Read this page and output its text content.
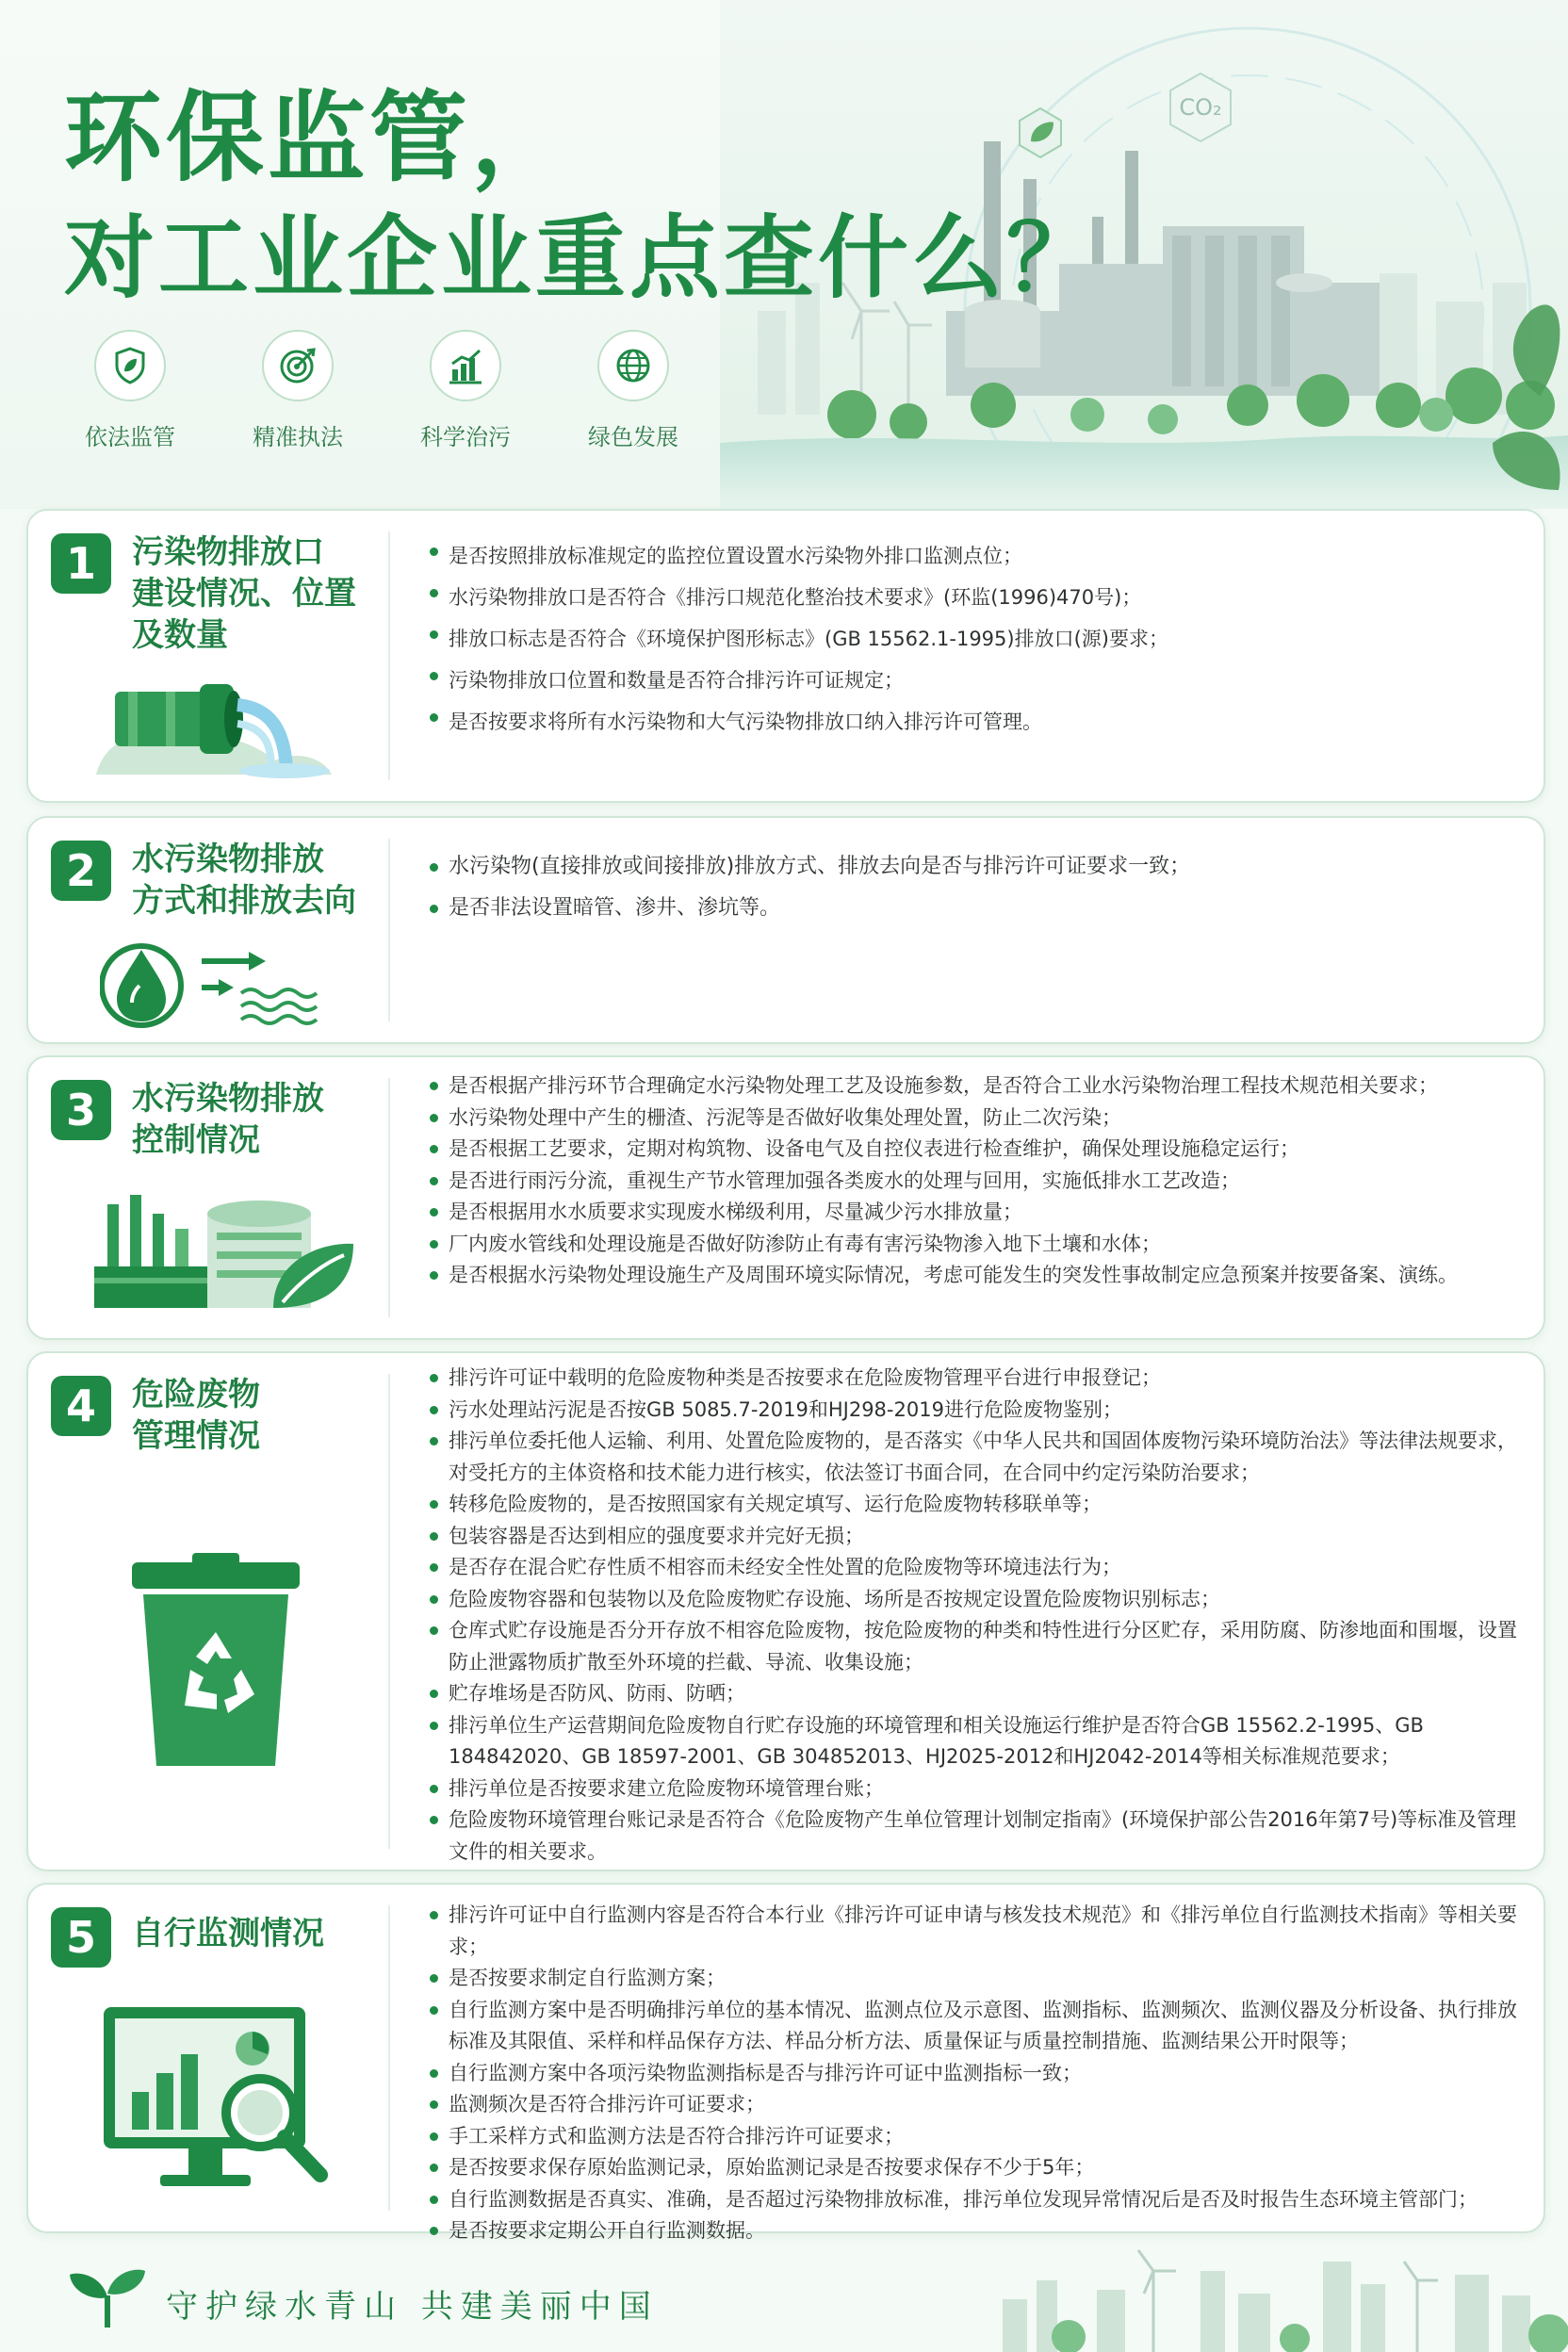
CO₂
环保监管，
对工业企业重点查什么？
依法监管	精准执法	科学治污	绿色发展
1	污染物排放口
建设情况、位置
及数量
是否按照排放标准规定的监控位置设置水污染物外排口监测点位；
水污染物排放口是否符合《排污口规范化整治技术要求》(环监(1996)470号)；
排放口标志是否符合《环境保护图形标志》(GB 15562.1-1995)排放口(源)要求；
污染物排放口位置和数量是否符合排污许可证规定；
是否按要求将所有水污染物和大气污染物排放口纳入排污许可管理。
2	水污染物排放
方式和排放去向
水污染物(直接排放或间接排放)排放方式、排放去向是否与排污许可证要求一致；
是否非法设置暗管、渗井、渗坑等。
3	水污染物排放
控制情况
是否根据产排污环节合理确定水污染物处理工艺及设施参数，是否符合工业水污染物治理工程技术规范相关要求；
水污染物处理中产生的栅渣、污泥等是否做好收集处理处置，防止二次污染；
是否根据工艺要求，定期对构筑物、设备电气及自控仪表进行检查维护，确保处理设施稳定运行；
是否进行雨污分流，重视生产节水管理加强各类废水的处理与回用，实施低排水工艺改造；
是否根据用水水质要求实现废水梯级利用，尽量减少污水排放量；
厂内废水管线和处理设施是否做好防渗防止有毒有害污染物渗入地下土壤和水体；
是否根据水污染物处理设施生产及周围环境实际情况，考虑可能发生的突发性事故制定应急预案并按要备案、演练。
4	危险废物
管理情况
排污许可证中载明的危险废物种类是否按要求在危险废物管理平台进行申报登记；
污水处理站污泥是否按GB 5085.7-2019和HJ298-2019进行危险废物鉴别；
排污单位委托他人运输、利用、处置危险废物的，是否落实《中华人民共和国固体废物污染环境防治法》等法律法规要求，对受托方的主体资格和技术能力进行核实，依法签订书面合同，在合同中约定污染防治要求；
转移危险废物的，是否按照国家有关规定填写、运行危险废物转移联单等；
包装容器是否达到相应的强度要求并完好无损；
是否存在混合贮存性质不相容而未经安全性处置的危险废物等环境违法行为；
危险废物容器和包装物以及危险废物贮存设施、场所是否按规定设置危险废物识别标志；
仓库式贮存设施是否分开存放不相容危险废物，按危险废物的种类和特性进行分区贮存，采用防腐、防渗地面和围堰，设置防止泄露物质扩散至外环境的拦截、导流、收集设施；
贮存堆场是否防风、防雨、防晒；
排污单位生产运营期间危险废物自行贮存设施的环境管理和相关设施运行维护是否符合GB 15562.2-1995、GB 184842020、GB 18597-2001、GB 304852013、HJ2025-2012和HJ2042-2014等相关标准规范要求；
排污单位是否按要求建立危险废物环境管理台账；
危险废物环境管理台账记录是否符合《危险废物产生单位管理计划制定指南》(环境保护部公告2016年第7号)等标准及管理文件的相关要求。
5	自行监测情况	排污许可证中自行监测内容是否符合本行业《排污许可证申请与核发技术规范》和《排污单位自行监测技术指南》等相关要求；
是否按要求制定自行监测方案；
自行监测方案中是否明确排污单位的基本情况、监测点位及示意图、监测指标、监测频次、监测仪器及分析设备、执行排放标准及其限值、采样和样品保存方法、样品分析方法、质量保证与质量控制措施、监测结果公开时限等；
自行监测方案中各项污染物监测指标是否与排污许可证中监测指标一致；
监测频次是否符合排污许可证要求；
手工采样方式和监测方法是否符合排污许可证要求；
是否按要求保存原始监测记录，原始监测记录是否按要求保存不少于5年；
自行监测数据是否真实、准确，是否超过污染物排放标准，排污单位发现异常情况后是否及时报告生态环境主管部门；
是否按要求定期公开自行监测数据。
守护绿水青山 共建美丽中国
